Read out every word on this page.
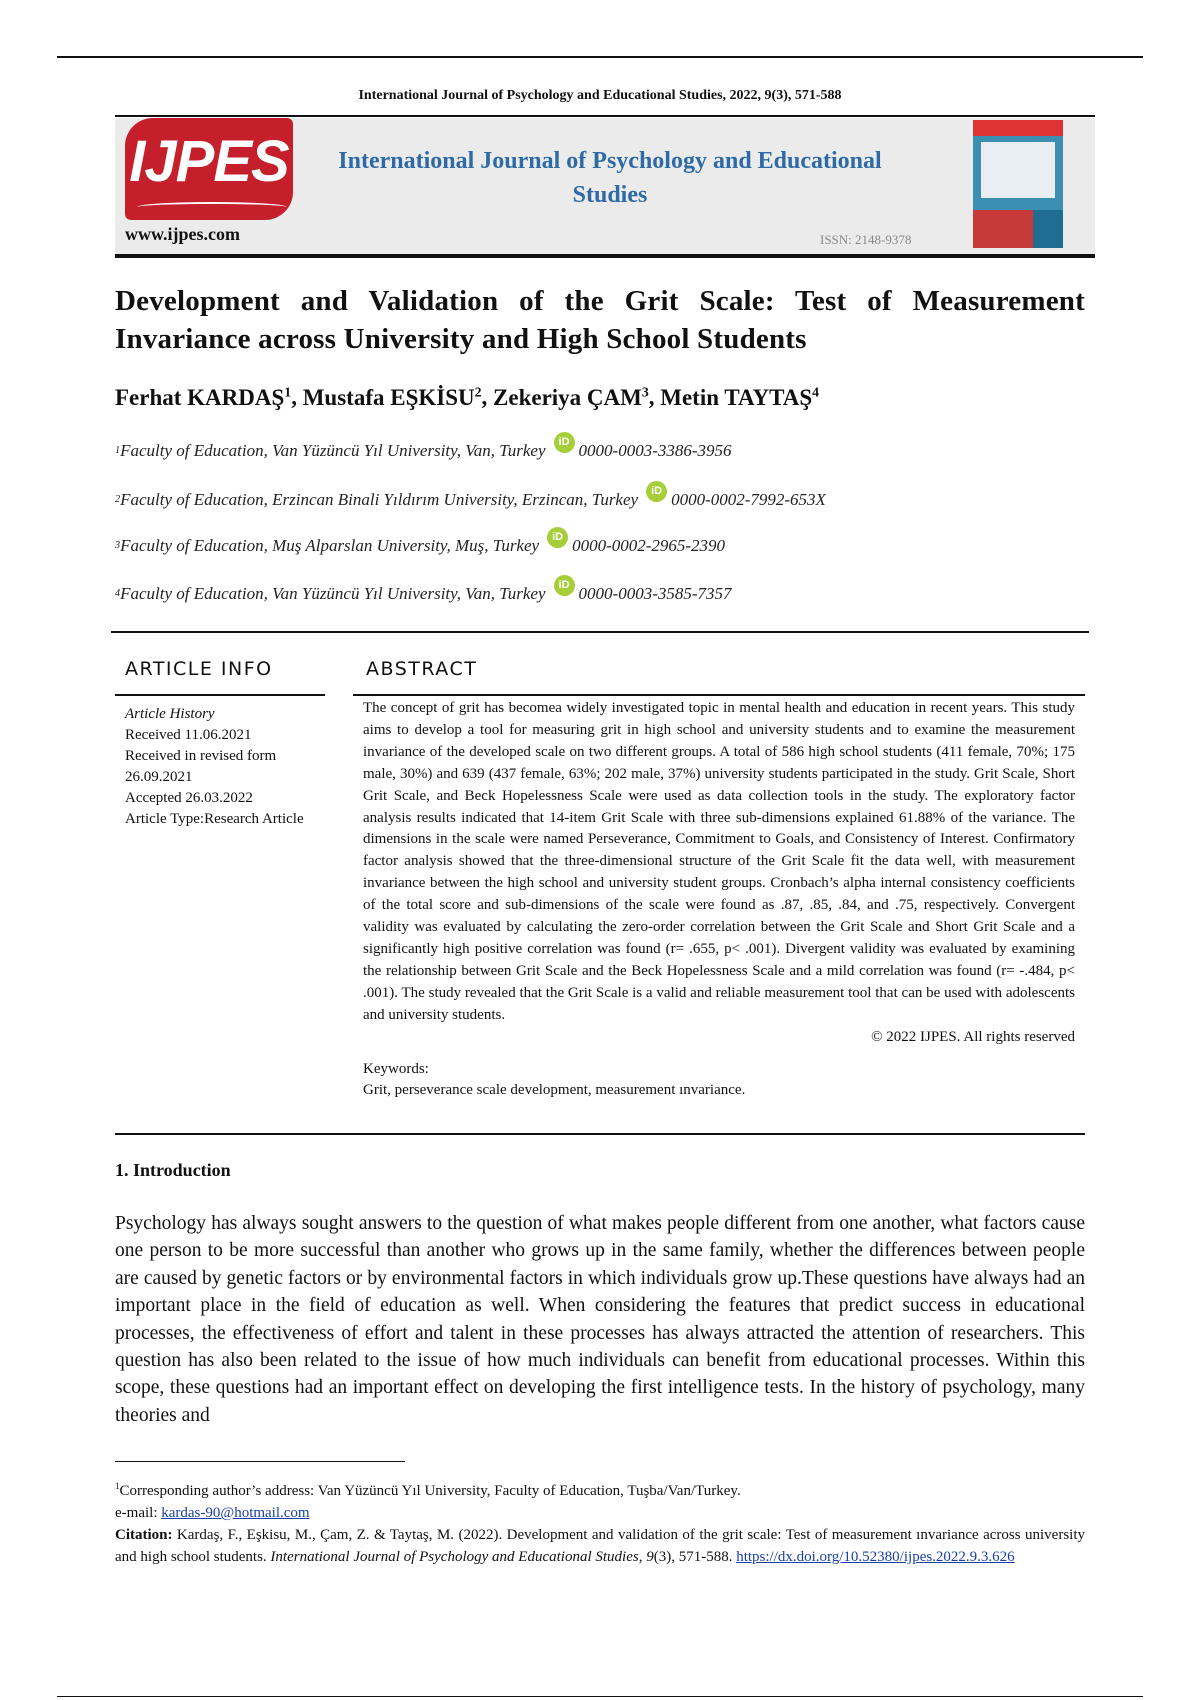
International Journal of Psychology and Educational Studies, 2022, 9(3), 571-588
IJPES
www.ijpes.com
International Journal of Psychology and Educational Studies
ISSN: 2148-9378
Development and Validation of the Grit Scale: Test of Measurement Invariance across University and High School Students
Ferhat KARDAŞ$^1$, Mustafa EŞKİSU$^2$, Zekeriya ÇAM$^3$, Metin TAYTAŞ$^4$
1 Faculty of Education, Van Yüzüncü Yıl University, Van, Turkey	iD 0000-0003-3386-3956
2 Faculty of Education, Erzincan Binali Yıldırım University, Erzincan, Turkey	iD 0000-0002-7992-653X
3 Faculty of Education, Muş Alparslan University, Muş, Turkey	iD 0000-0002-2965-2390
4 Faculty of Education, Van Yüzüncü Yıl University, Van, Turkey	iD 0000-0003-3585-7357
ARTICLE INFO
Article History
Received 11.06.2021
Received in revised form 26.09.2021
Accepted 26.03.2022
Article Type:Research Article
ABSTRACT
The concept of grit has becomea widely investigated topic in mental health and education in recent years. This study aims to develop a tool for measuring grit in high school and university students and to examine the measurement invariance of the developed scale on two different groups. A total of 586 high school students (411 female, 70%; 175 male, 30%) and 639 (437 female, 63%; 202 male, 37%) university students participated in the study. Grit Scale, Short Grit Scale, and Beck Hopelessness Scale were used as data collection tools in the study. The exploratory factor analysis results indicated that 14-item Grit Scale with three sub-dimensions explained 61.88% of the variance. The dimensions in the scale were named Perseverance, Commitment to Goals, and Consistency of Interest. Confirmatory factor analysis showed that the three-dimensional structure of the Grit Scale fit the data well, with measurement invariance between the high school and university student groups. Cronbach’s alpha internal consistency coefficients of the total score and sub-dimensions of the scale were found as .87, .85, .84, and .75, respectively. Convergent validity was evaluated by calculating the zero-order correlation between the Grit Scale and Short Grit Scale and a significantly high positive correlation was found (r= .655, p< .001). Divergent validity was evaluated by examining the relationship between Grit Scale and the Beck Hopelessness Scale and a mild correlation was found (r= -.484, p< .001). The study revealed that the Grit Scale is a valid and reliable measurement tool that can be used with adolescents and university students.
© 2022 IJPES. All rights reserved
Keywords:
Grit, perseverance scale development, measurement ınvariance.
1. Introduction
Psychology has always sought answers to the question of what makes people different from one another, what factors cause one person to be more successful than another who grows up in the same family, whether the differences between people are caused by genetic factors or by environmental factors in which individuals grow up.These questions have always had an important place in the field of education as well. When considering the features that predict success in educational processes, the effectiveness of effort and talent in these processes has always attracted the attention of researchers. This question has also been related to the issue of how much individuals can benefit from educational processes. Within this scope, these questions had an important effect on developing the first intelligence tests. In the history of psychology, many theories and
$^1$Corresponding author’s address: Van Yüzüncü Yıl University, Faculty of Education, Tuşba/Van/Turkey.
e-mail: kardas-90@hotmail.com
Citation: Kardaş, F., Eşkisu, M., Çam, Z. & Taytaş, M. (2022). Development and validation of the grit scale: Test of measurement ınvariance across university and high school students. International Journal of Psychology and Educational Studies, 9(3), 571-588. https://dx.doi.org/10.52380/ijpes.2022.9.3.626
